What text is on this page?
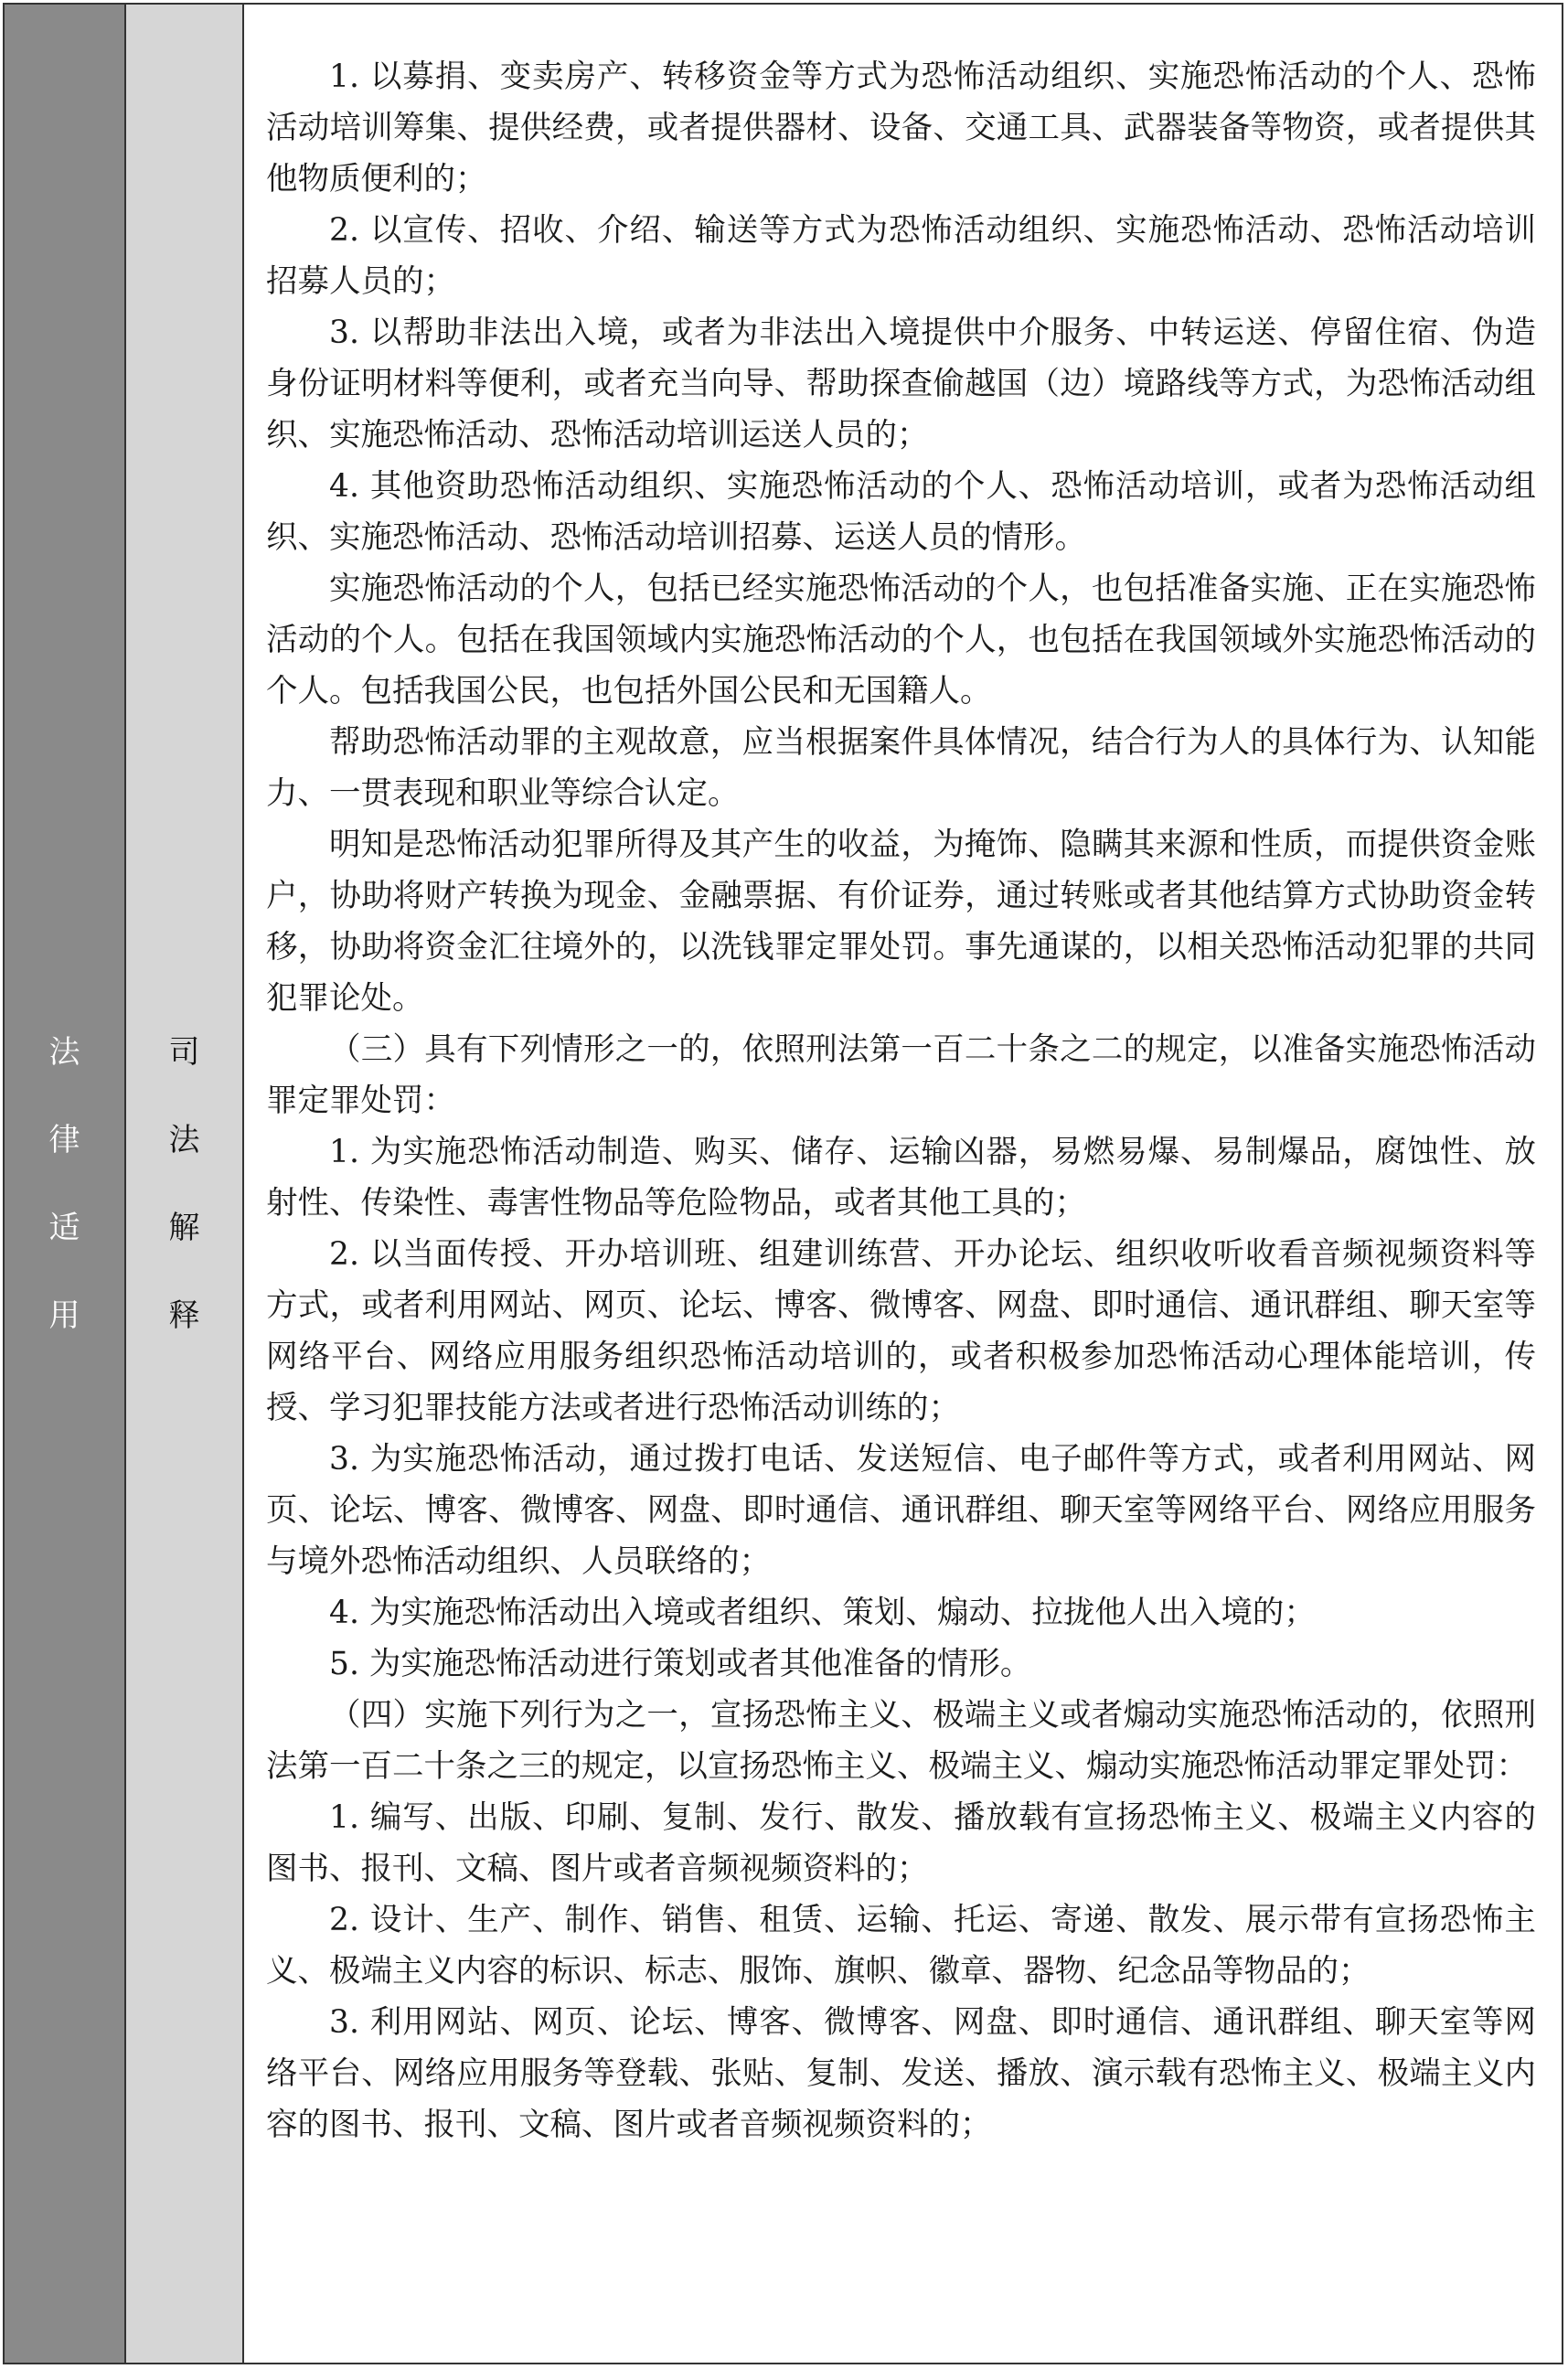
法
律
适
用
司
法
解
释

1. 以募捐、变卖房产、转移资金等方式为恐怖活动组织、实施恐怖活动的个人、恐怖活动培训筹集、提供经费，或者提供器材、设备、交通工具、武器装备等物资，或者提供其他物质便利的；

2. 以宣传、招收、介绍、输送等方式为恐怖活动组织、实施恐怖活动、恐怖活动培训招募人员的；

3. 以帮助非法出入境，或者为非法出入境提供中介服务、中转运送、停留住宿、伪造身份证明材料等便利，或者充当向导、帮助探查偷越国（边）境路线等方式，为恐怖活动组织、实施恐怖活动、恐怖活动培训运送人员的；

4. 其他资助恐怖活动组织、实施恐怖活动的个人、恐怖活动培训，或者为恐怖活动组织、实施恐怖活动、恐怖活动培训招募、运送人员的情形。

实施恐怖活动的个人，包括已经实施恐怖活动的个人，也包括准备实施、正在实施恐怖活动的个人。包括在我国领域内实施恐怖活动的个人，也包括在我国领域外实施恐怖活动的个人。包括我国公民，也包括外国公民和无国籍人。

帮助恐怖活动罪的主观故意，应当根据案件具体情况，结合行为人的具体行为、认知能力、一贯表现和职业等综合认定。

明知是恐怖活动犯罪所得及其产生的收益，为掩饰、隐瞒其来源和性质，而提供资金账户，协助将财产转换为现金、金融票据、有价证券，通过转账或者其他结算方式协助资金转移，协助将资金汇往境外的，以洗钱罪定罪处罚。事先通谋的，以相关恐怖活动犯罪的共同犯罪论处。

（三）具有下列情形之一的，依照刑法第一百二十条之二的规定，以准备实施恐怖活动罪定罪处罚：

1. 为实施恐怖活动制造、购买、储存、运输凶器，易燃易爆、易制爆品，腐蚀性、放射性、传染性、毒害性物品等危险物品，或者其他工具的；

2. 以当面传授、开办培训班、组建训练营、开办论坛、组织收听收看音频视频资料等方式，或者利用网站、网页、论坛、博客、微博客、网盘、即时通信、通讯群组、聊天室等网络平台、网络应用服务组织恐怖活动培训的，或者积极参加恐怖活动心理体能培训，传授、学习犯罪技能方法或者进行恐怖活动训练的；

3. 为实施恐怖活动，通过拨打电话、发送短信、电子邮件等方式，或者利用网站、网页、论坛、博客、微博客、网盘、即时通信、通讯群组、聊天室等网络平台、网络应用服务与境外恐怖活动组织、人员联络的；

4. 为实施恐怖活动出入境或者组织、策划、煽动、拉拢他人出入境的；

5. 为实施恐怖活动进行策划或者其他准备的情形。

（四）实施下列行为之一，宣扬恐怖主义、极端主义或者煽动实施恐怖活动的，依照刑法第一百二十条之三的规定，以宣扬恐怖主义、极端主义、煽动实施恐怖活动罪定罪处罚：

1. 编写、出版、印刷、复制、发行、散发、播放载有宣扬恐怖主义、极端主义内容的图书、报刊、文稿、图片或者音频视频资料的；

2. 设计、生产、制作、销售、租赁、运输、托运、寄递、散发、展示带有宣扬恐怖主义、极端主义内容的标识、标志、服饰、旗帜、徽章、器物、纪念品等物品的；

3. 利用网站、网页、论坛、博客、微博客、网盘、即时通信、通讯群组、聊天室等网络平台、网络应用服务等登载、张贴、复制、发送、播放、演示载有恐怖主义、极端主义内容的图书、报刊、文稿、图片或者音频视频资料的；
